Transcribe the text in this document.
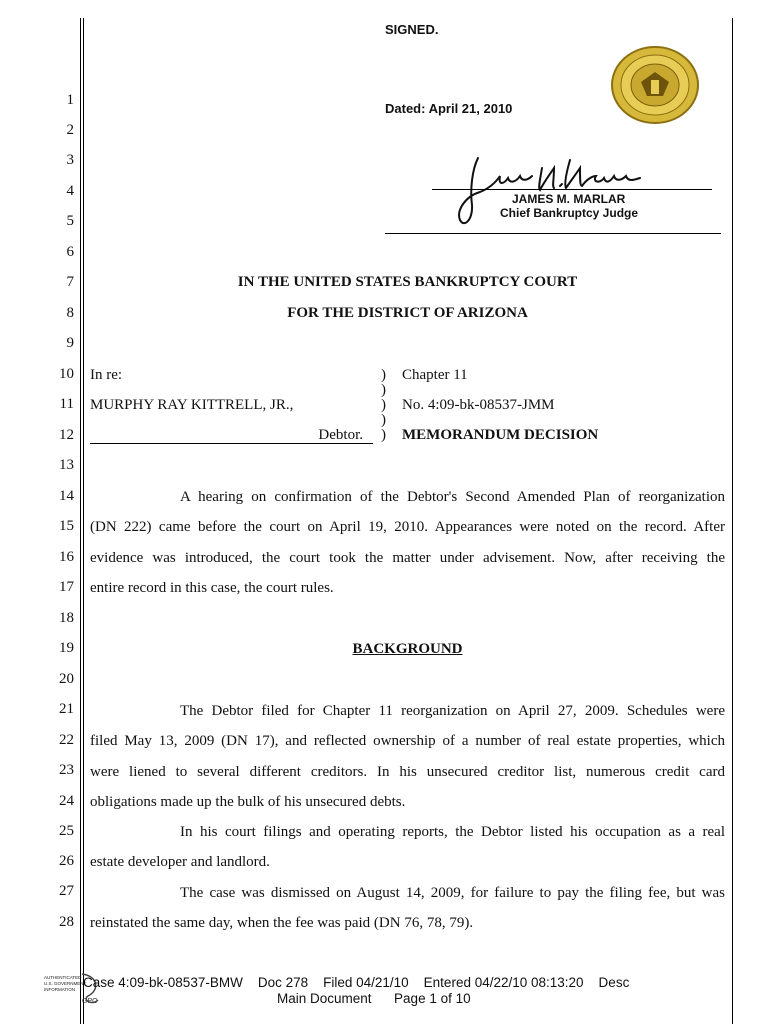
SIGNED.
Dated: April 21, 2010
JAMES M. MARLAR
Chief Bankruptcy Judge
1
2
3
4
5
6
7
8
9
10
11
12
13
14
15
16
17
18
19
20
21
22
23
24
25
26
27
28
IN THE UNITED STATES BANKRUPTCY COURT
FOR THE DISTRICT OF ARIZONA
In re:
MURPHY RAY KITTRELL, JR.,
Debtor.
)
)
)
)
)
Chapter 11
No. 4:09-bk-08537-JMM
MEMORANDUM DECISION
A hearing on confirmation of the Debtor's Second Amended Plan of reorganization
(DN 222) came before the court on April 19, 2010. Appearances were noted on the record. After
evidence was introduced, the court took the matter under advisement. Now, after receiving the
entire record in this case, the court rules.
BACKGROUND
The Debtor filed for Chapter 11 reorganization on April 27, 2009. Schedules were
filed May 13, 2009 (DN 17), and reflected ownership of a number of real estate properties, which
were liened to several different creditors. In his unsecured creditor list, numerous credit card
obligations made up the bulk of his unsecured debts.
In his court filings and operating reports, the Debtor listed his occupation as a real
estate developer and landlord.
The case was dismissed on August 14, 2009, for failure to pay the filing fee, but was
reinstated the same day, when the fee was paid (DN 76, 78, 79).
AUTHENTICATED
U.S. GOVERNMENT
INFORMATION
GPO
Case 4:09-bk-08537-BMW    Doc 278    Filed 04/21/10    Entered 04/22/10 08:13:20    Desc
Main Document      Page 1 of 10
